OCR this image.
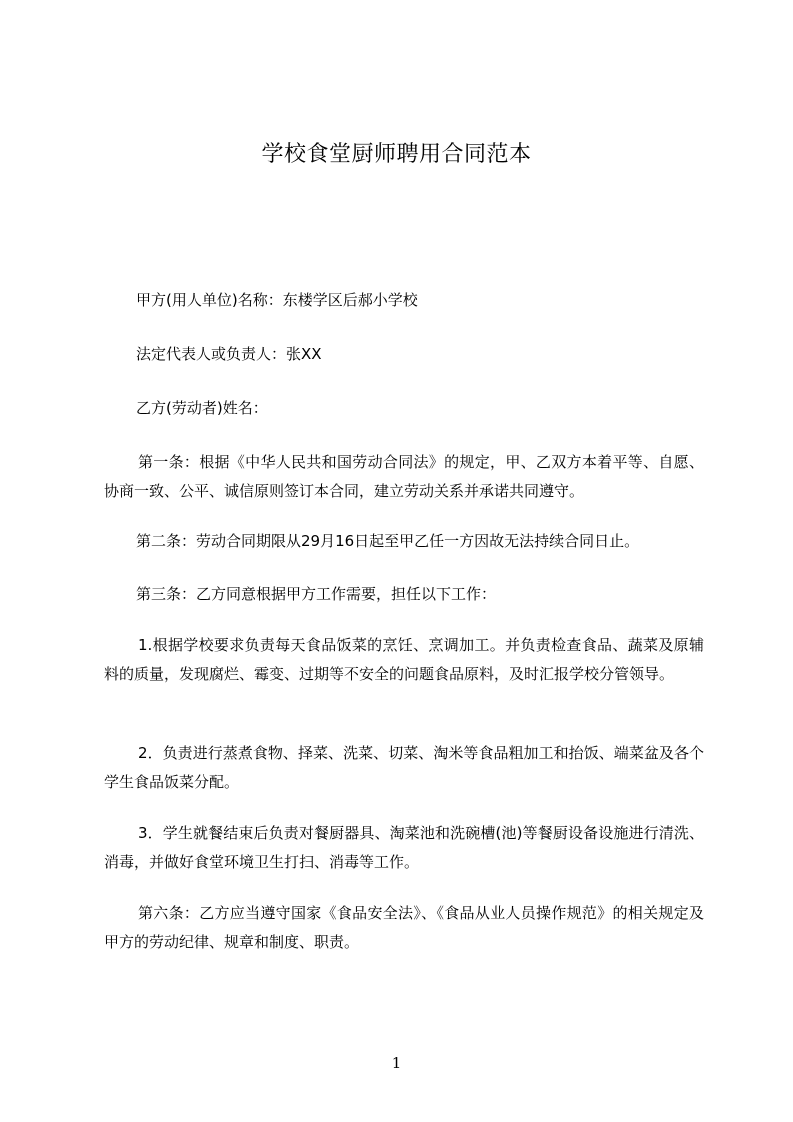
学校食堂厨师聘用合同范本

甲方(用人单位)名称：东楼学区后郝小学校

法定代表人或负责人：张XX

乙方(劳动者)姓名：

第一条：根据《中华人民共和国劳动合同法》的规定，甲、乙双方本着平等、自愿、协商一致、公平、诚信原则签订本合同，建立劳动关系并承诺共同遵守。

第二条：劳动合同期限从29月16日起至甲乙任一方因故无法持续合同日止。

第三条：乙方同意根据甲方工作需要，担任以下工作：

1.根据学校要求负责每天食品饭菜的烹饪、烹调加工。并负责检查食品、蔬菜及原辅料的质量，发现腐烂、霉变、过期等不安全的问题食品原料，及时汇报学校分管领导。

2．负责进行蒸煮食物、择菜、洗菜、切菜、淘米等食品粗加工和抬饭、端菜盆及各个学生食品饭菜分配。

3．学生就餐结束后负责对餐厨器具、淘菜池和洗碗槽(池)等餐厨设备设施进行清洗、消毒，并做好食堂环境卫生打扫、消毒等工作。

第六条：乙方应当遵守国家《食品安全法》、《食品从业人员操作规范》的相关规定及甲方的劳动纪律、规章和制度、职责。

1
